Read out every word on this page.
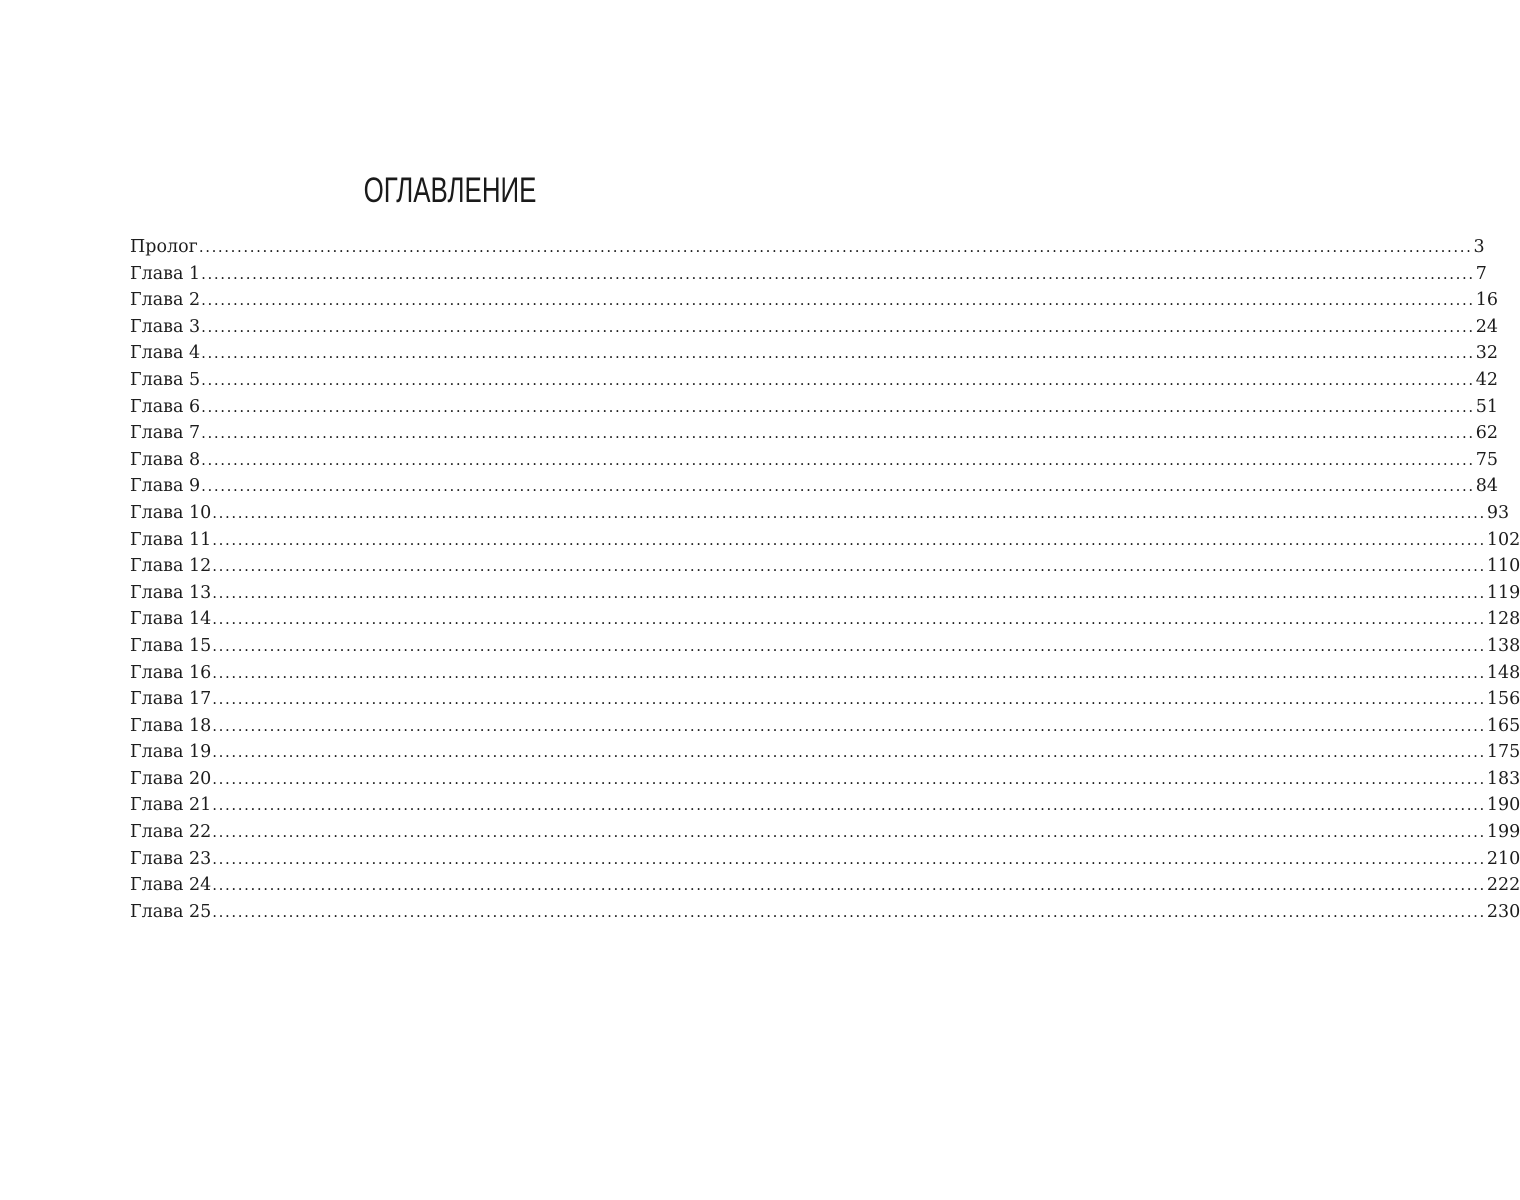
ОГЛАВЛЕНИЕ
Пролог ........................................................................................................................................................................................................ 3
Глава 1 ........................................................................................................................................................................................................ 7
Глава 2 ........................................................................................................................................................................................................ 16
Глава 3 ........................................................................................................................................................................................................ 24
Глава 4 ........................................................................................................................................................................................................ 32
Глава 5 ........................................................................................................................................................................................................ 42
Глава 6 ........................................................................................................................................................................................................ 51
Глава 7 ........................................................................................................................................................................................................ 62
Глава 8 ........................................................................................................................................................................................................ 75
Глава 9 ........................................................................................................................................................................................................ 84
Глава 10 ........................................................................................................................................................................................................ 93
Глава 11 ........................................................................................................................................................................................................ 102
Глава 12 ........................................................................................................................................................................................................ 110
Глава 13 ........................................................................................................................................................................................................ 119
Глава 14 ........................................................................................................................................................................................................ 128
Глава 15 ........................................................................................................................................................................................................ 138
Глава 16 ........................................................................................................................................................................................................ 148
Глава 17 ........................................................................................................................................................................................................ 156
Глава 18 ........................................................................................................................................................................................................ 165
Глава 19 ........................................................................................................................................................................................................ 175
Глава 20 ........................................................................................................................................................................................................ 183
Глава 21 ........................................................................................................................................................................................................ 190
Глава 22 ........................................................................................................................................................................................................ 199
Глава 23 ........................................................................................................................................................................................................ 210
Глава 24 ........................................................................................................................................................................................................ 222
Глава 25 ........................................................................................................................................................................................................ 230
